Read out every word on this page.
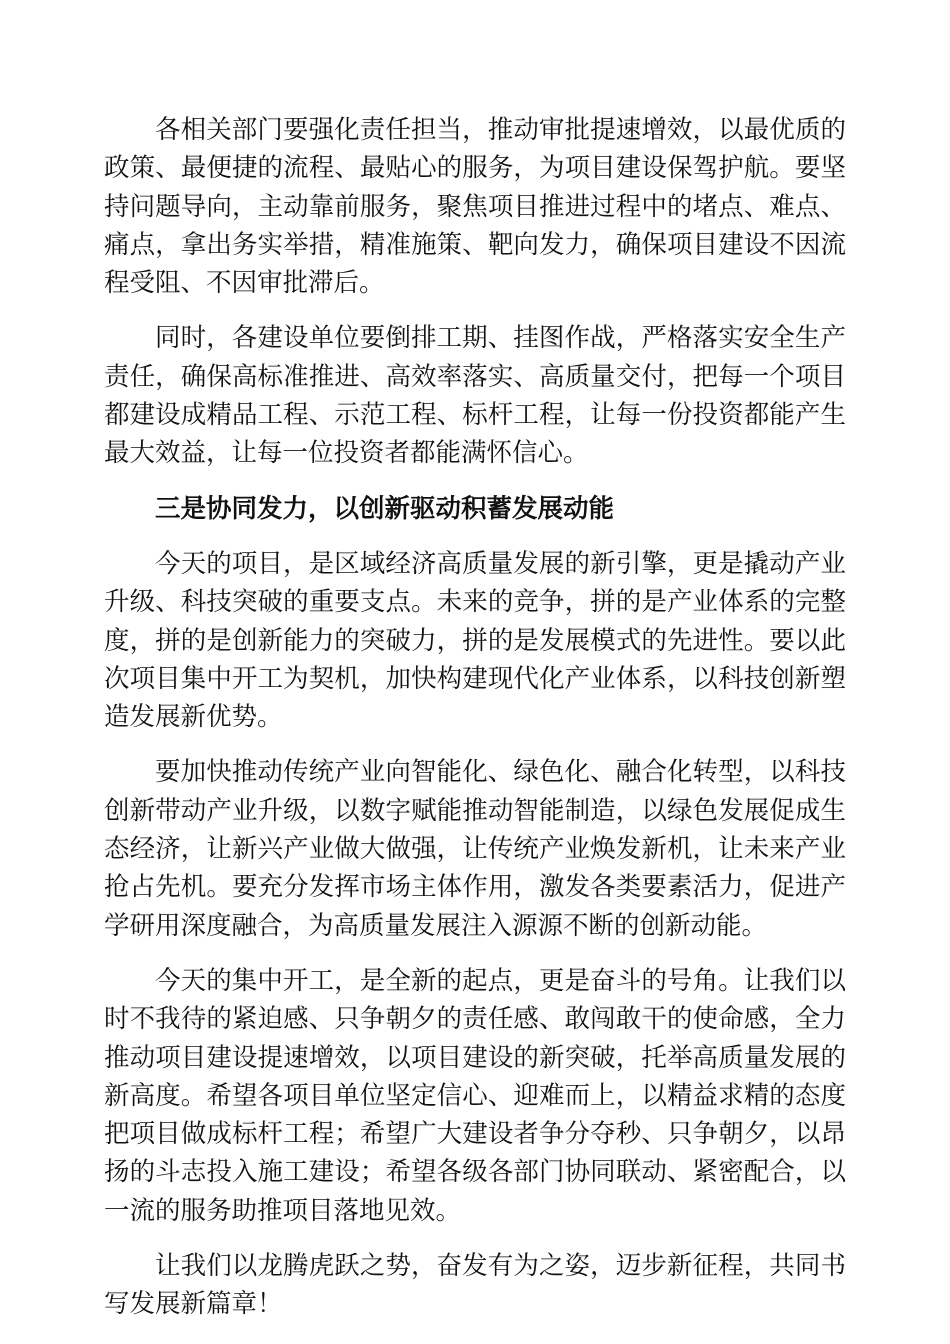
各相关部门要强化责任担当，推动审批提速增效，以最优质的政策、最便捷的流程、最贴心的服务，为项目建设保驾护航。要坚持问题导向，主动靠前服务，聚焦项目推进过程中的堵点、难点、痛点，拿出务实举措，精准施策、靶向发力，确保项目建设不因流程受阻、不因审批滞后。

同时，各建设单位要倒排工期、挂图作战，严格落实安全生产责任，确保高标准推进、高效率落实、高质量交付，把每一个项目都建设成精品工程、示范工程、标杆工程，让每一份投资都能产生最大效益，让每一位投资者都能满怀信心。

三是协同发力，以创新驱动积蓄发展动能

今天的项目，是区域经济高质量发展的新引擎，更是撬动产业升级、科技突破的重要支点。未来的竞争，拼的是产业体系的完整度，拼的是创新能力的突破力，拼的是发展模式的先进性。要以此次项目集中开工为契机，加快构建现代化产业体系，以科技创新塑造发展新优势。

要加快推动传统产业向智能化、绿色化、融合化转型，以科技创新带动产业升级，以数字赋能推动智能制造，以绿色发展促成生态经济，让新兴产业做大做强，让传统产业焕发新机，让未来产业抢占先机。要充分发挥市场主体作用，激发各类要素活力，促进产学研用深度融合，为高质量发展注入源源不断的创新动能。

今天的集中开工，是全新的起点，更是奋斗的号角。让我们以时不我待的紧迫感、只争朝夕的责任感、敢闯敢干的使命感，全力推动项目建设提速增效，以项目建设的新突破，托举高质量发展的新高度。希望各项目单位坚定信心、迎难而上，以精益求精的态度把项目做成标杆工程；希望广大建设者争分夺秒、只争朝夕，以昂扬的斗志投入施工建设；希望各级各部门协同联动、紧密配合，以一流的服务助推项目落地见效。

让我们以龙腾虎跃之势，奋发有为之姿，迈步新征程，共同书写发展新篇章！
